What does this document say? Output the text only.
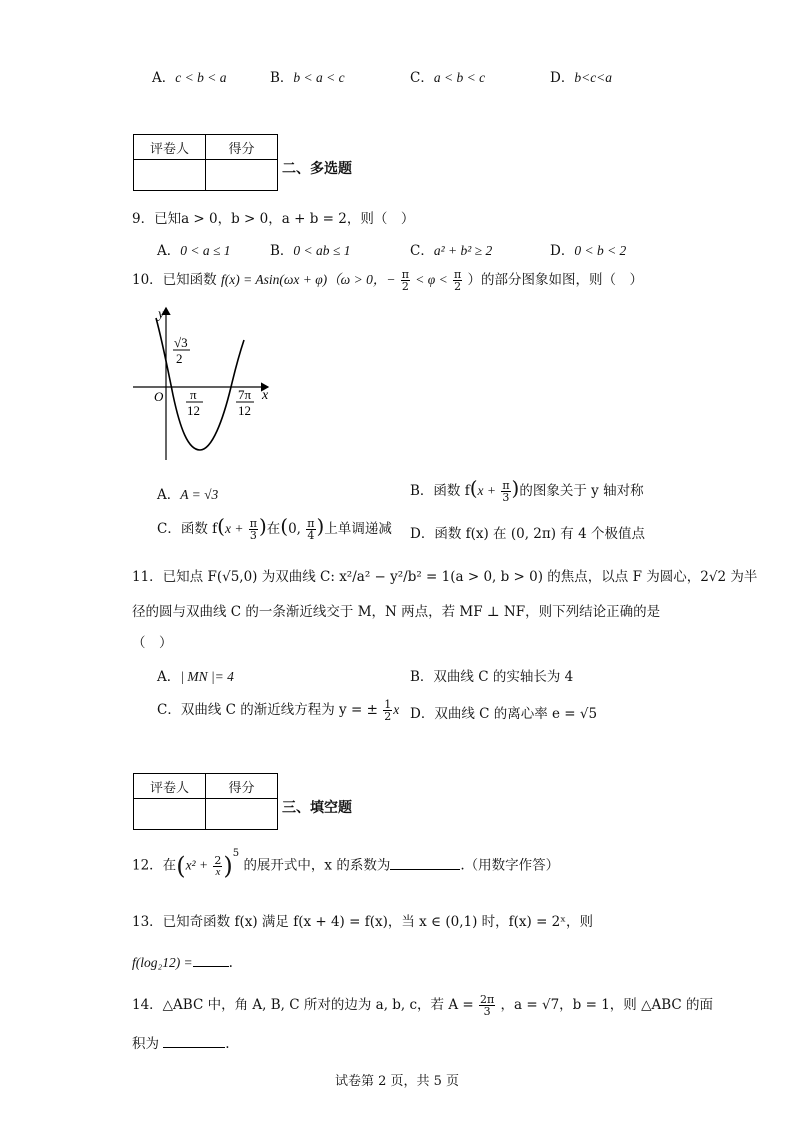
A．c < b < a	B．b < a < c	C．a < b < c	D．b<c<a
评卷人	得分

二、多选题
9．已知a > 0，b > 0，a + b = 2，则（　）
A．0 < a ≤ 1	B．0 < ab ≤ 1	C．a² + b² ≥ 2	D．0 < b < 2
10．已知函数 f(x) = Asin(ωx + φ)（ω > 0，− $\frac{\pi}{2} < \varphi < \frac{\pi}{2}$ ）的部分图象如图，则（　）
y
x
O
√3
2
π
12
7π
12
A．A = √3	B．函数 $f(x + \frac{\pi}{3}$ )的图象关于 y 轴对称
C．函数 $f(x + \frac{\pi}{3}$ )在(0, $\frac{\pi}{4}$ )上单调递减 D．函数 f(x) 在 (0, 2π) 有 4 个极值点
11．已知点 F(√5,0) 为双曲线 C: x²/a² − y²/b² = 1(a > 0, b > 0) 的焦点，以点 F 为圆心，2√2 为半
径的圆与双曲线 C 的一条渐近线交于 M，N 两点，若 MF ⊥ NF，则下列结论正确的是
（　）
A．| MN |= 4	B．双曲线 C 的实轴长为 4
C．双曲线 C 的渐近线方程为 y = ± $\frac{1}{2}$ x D．双曲线 C 的离心率 e = √5
评卷人	得分

三、填空题
12．在$(x^2 + \frac{2}{x} )^5$ 的展开式中，x 的系数为	.（用数字作答）
13．已知奇函数 f(x) 满足 f(x + 4) = f(x)，当 x ∈ (0,1) 时，f(x) = 2ˣ，则
f(log₂12) =	.
14．△ABC 中，角 A, B, C 所对的边为 a, b, c，若 $A = \frac{2\pi}{3}$ ，a = √7，b = 1，则 △ABC 的面
积为	.
试卷第 2 页，共 5 页
